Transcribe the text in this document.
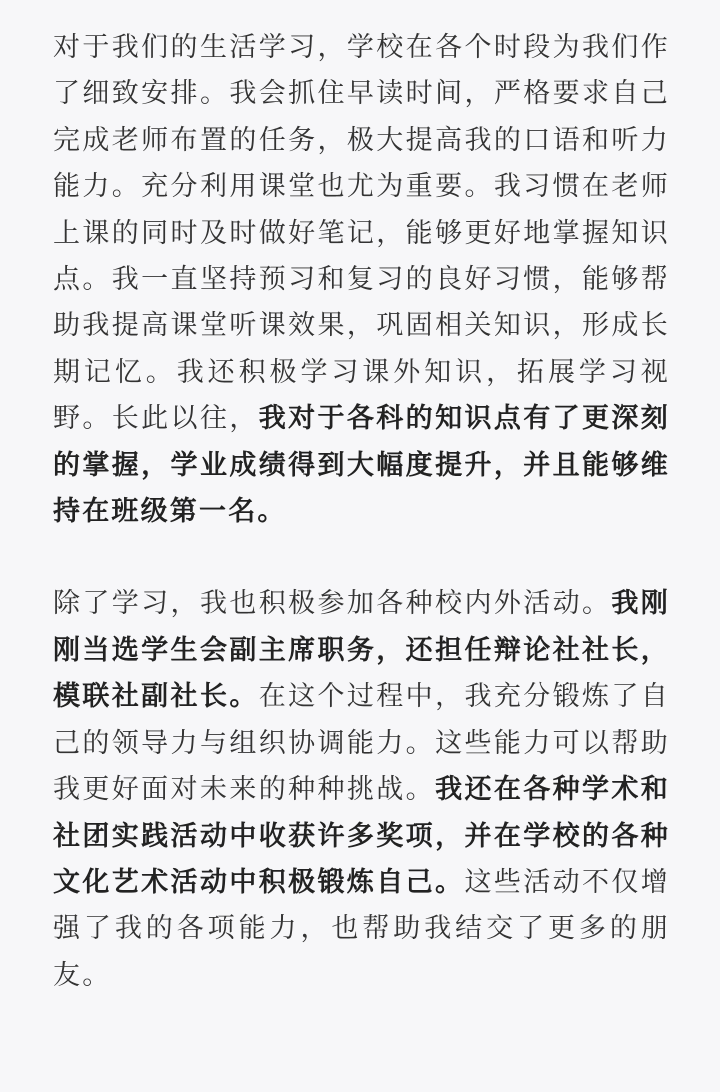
对于我们的生活学习，学校在各个时段为我们作了细致安排。我会抓住早读时间，严格要求自己完成老师布置的任务，极大提高我的口语和听力能力。充分利用课堂也尤为重要。我习惯在老师上课的同时及时做好笔记，能够更好地掌握知识点。我一直坚持预习和复习的良好习惯，能够帮助我提高课堂听课效果，巩固相关知识，形成长期记忆。我还积极学习课外知识，拓展学习视野。长此以往，我对于各科的知识点有了更深刻的掌握，学业成绩得到大幅度提升，并且能够维持在班级第一名。

除了学习，我也积极参加各种校内外活动。我刚刚当选学生会副主席职务，还担任辩论社社长，模联社副社长。在这个过程中，我充分锻炼了自己的领导力与组织协调能力。这些能力可以帮助我更好面对未来的种种挑战。我还在各种学术和社团实践活动中收获许多奖项，并在学校的各种文化艺术活动中积极锻炼自己。这些活动不仅增强了我的各项能力，也帮助我结交了更多的朋友。
